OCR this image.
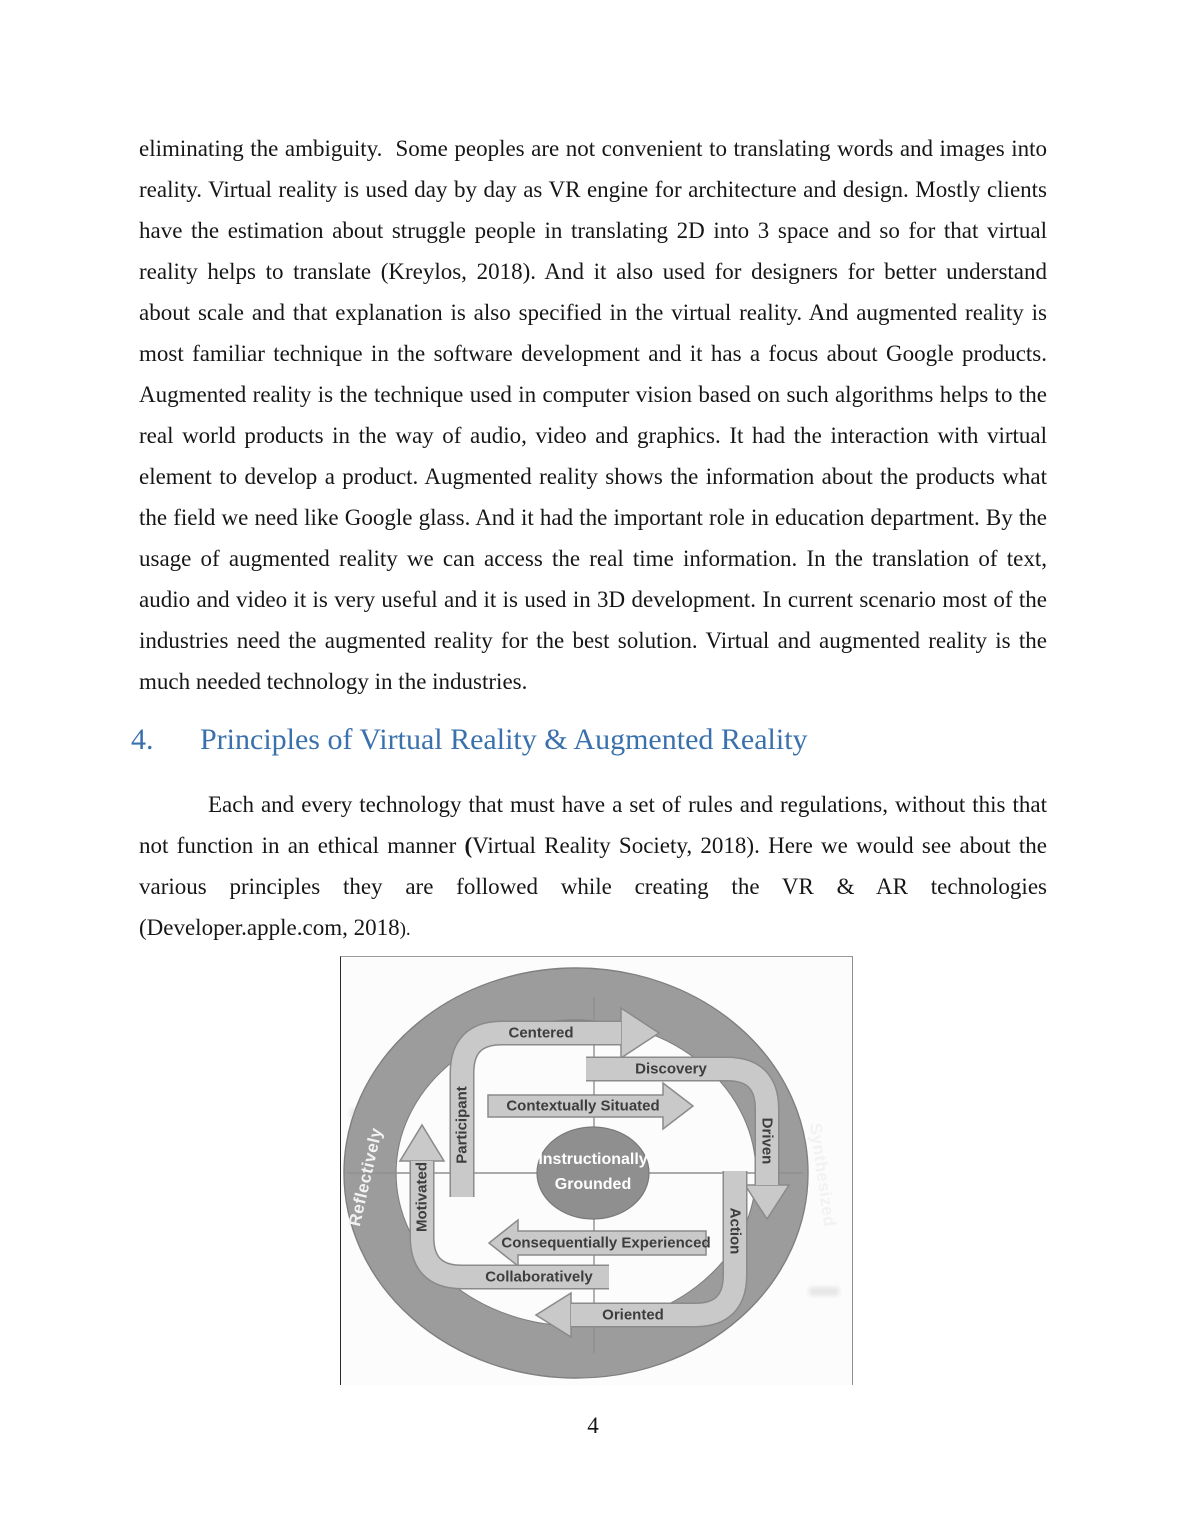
eliminating the ambiguity.  Some peoples are not convenient to translating words and images into reality. Virtual reality is used day by day as VR engine for architecture and design. Mostly clients have the estimation about struggle people in translating 2D into 3 space and so for that virtual reality helps to translate (Kreylos, 2018). And it also used for designers for better understand about scale and that explanation is also specified in the virtual reality. And augmented reality is most familiar technique in the software development and it has a focus about Google products. Augmented reality is the technique used in computer vision based on such algorithms helps to the real world products in the way of audio, video and graphics. It had the interaction with virtual element to develop a product. Augmented reality shows the information about the products what the field we need like Google glass. And it had the important role in education department. By the usage of augmented reality we can access the real time information. In the translation of text, audio and video it is very useful and it is used in 3D development. In current scenario most of the industries need the augmented reality for the best solution. Virtual and augmented reality is the much needed technology in the industries.

4.	Principles of Virtual Reality & Augmented Reality

Each and every technology that must have a set of rules and regulations, without this that not function in an ethical manner (Virtual Reality Society, 2018). Here we would see about the various principles they are followed while creating the VR & AR technologies (Developer.apple.com, 2018).

Reflectively	Synthesized
Centered
Discovery
Contextually Situated
Participant	Driven
Motivated	Action
Consequentially Experienced
Collaboratively
Oriented
Instructionally
Grounded
4
